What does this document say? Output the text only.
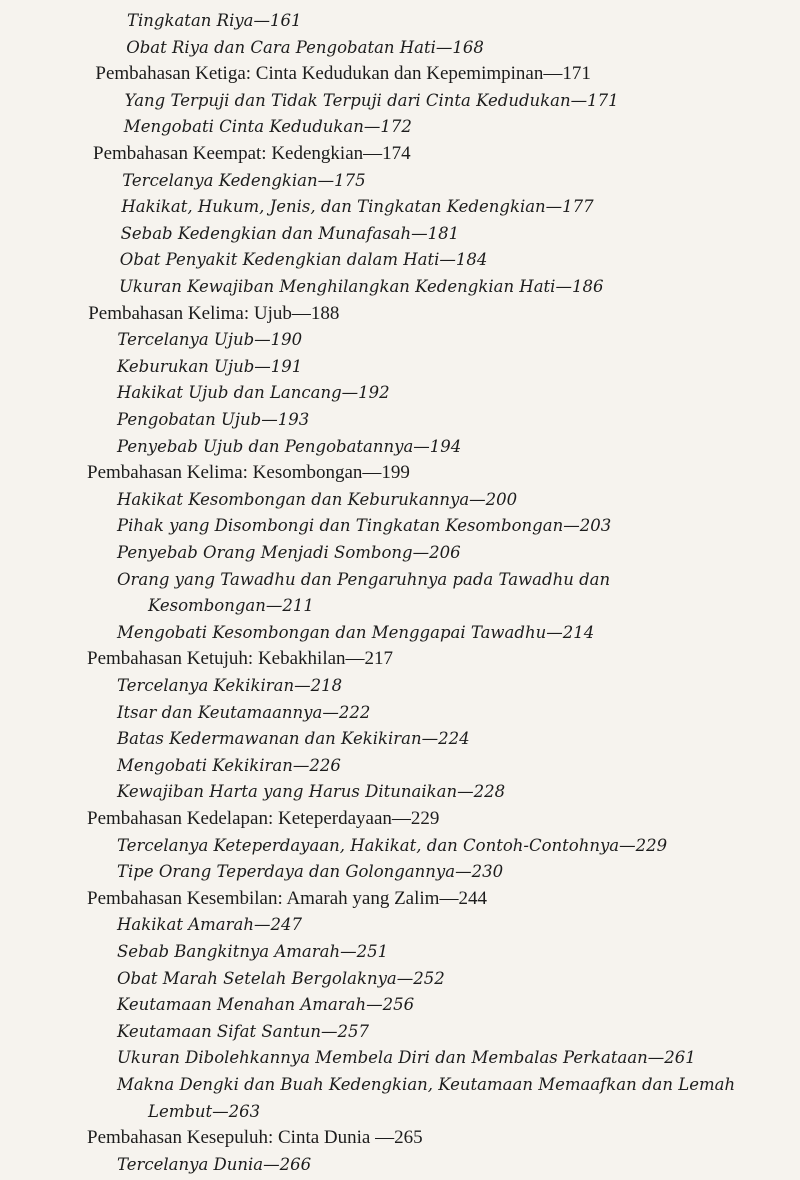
Tingkatan Riya—161
Obat Riya dan Cara Pengobatan Hati—168
Pembahasan Ketiga: Cinta Kedudukan dan Kepemimpinan—171
Yang Terpuji dan Tidak Terpuji dari Cinta Kedudukan—171
Mengobati Cinta Kedudukan—172
Pembahasan Keempat: Kedengkian—174
Tercelanya Kedengkian—175
Hakikat, Hukum, Jenis, dan Tingkatan Kedengkian—177
Sebab Kedengkian dan Munafasah—181
Obat Penyakit Kedengkian dalam Hati—184
Ukuran Kewajiban Menghilangkan Kedengkian Hati—186
Pembahasan Kelima: Ujub—188
Tercelanya Ujub—190
Keburukan Ujub—191
Hakikat Ujub dan Lancang—192
Pengobatan Ujub—193
Penyebab Ujub dan Pengobatannya—194
Pembahasan Kelima: Kesombongan—199
Hakikat Kesombongan dan Keburukannya—200
Pihak yang Disombongi dan Tingkatan Kesombongan—203
Penyebab Orang Menjadi Sombong—206
Orang yang Tawadhu dan Pengaruhnya pada Tawadhu dan
Kesombongan—211
Mengobati Kesombongan dan Menggapai Tawadhu—214
Pembahasan Ketujuh: Kebakhilan—217
Tercelanya Kekikiran—218
Itsar dan Keutamaannya—222
Batas Kedermawanan dan Kekikiran—224
Mengobati Kekikiran—226
Kewajiban Harta yang Harus Ditunaikan—228
Pembahasan Kedelapan: Keteperdayaan—229
Tercelanya Keteperdayaan, Hakikat, dan Contoh-Contohnya—229
Tipe Orang Teperdaya dan Golongannya—230
Pembahasan Kesembilan: Amarah yang Zalim—244
Hakikat Amarah—247
Sebab Bangkitnya Amarah—251
Obat Marah Setelah Bergolaknya—252
Keutamaan Menahan Amarah—256
Keutamaan Sifat Santun—257
Ukuran Dibolehkannya Membela Diri dan Membalas Perkataan—261
Makna Dengki dan Buah Kedengkian, Keutamaan Memaafkan dan Lemah
Lembut—263
Pembahasan Kesepuluh: Cinta Dunia —265
Tercelanya Dunia—266
